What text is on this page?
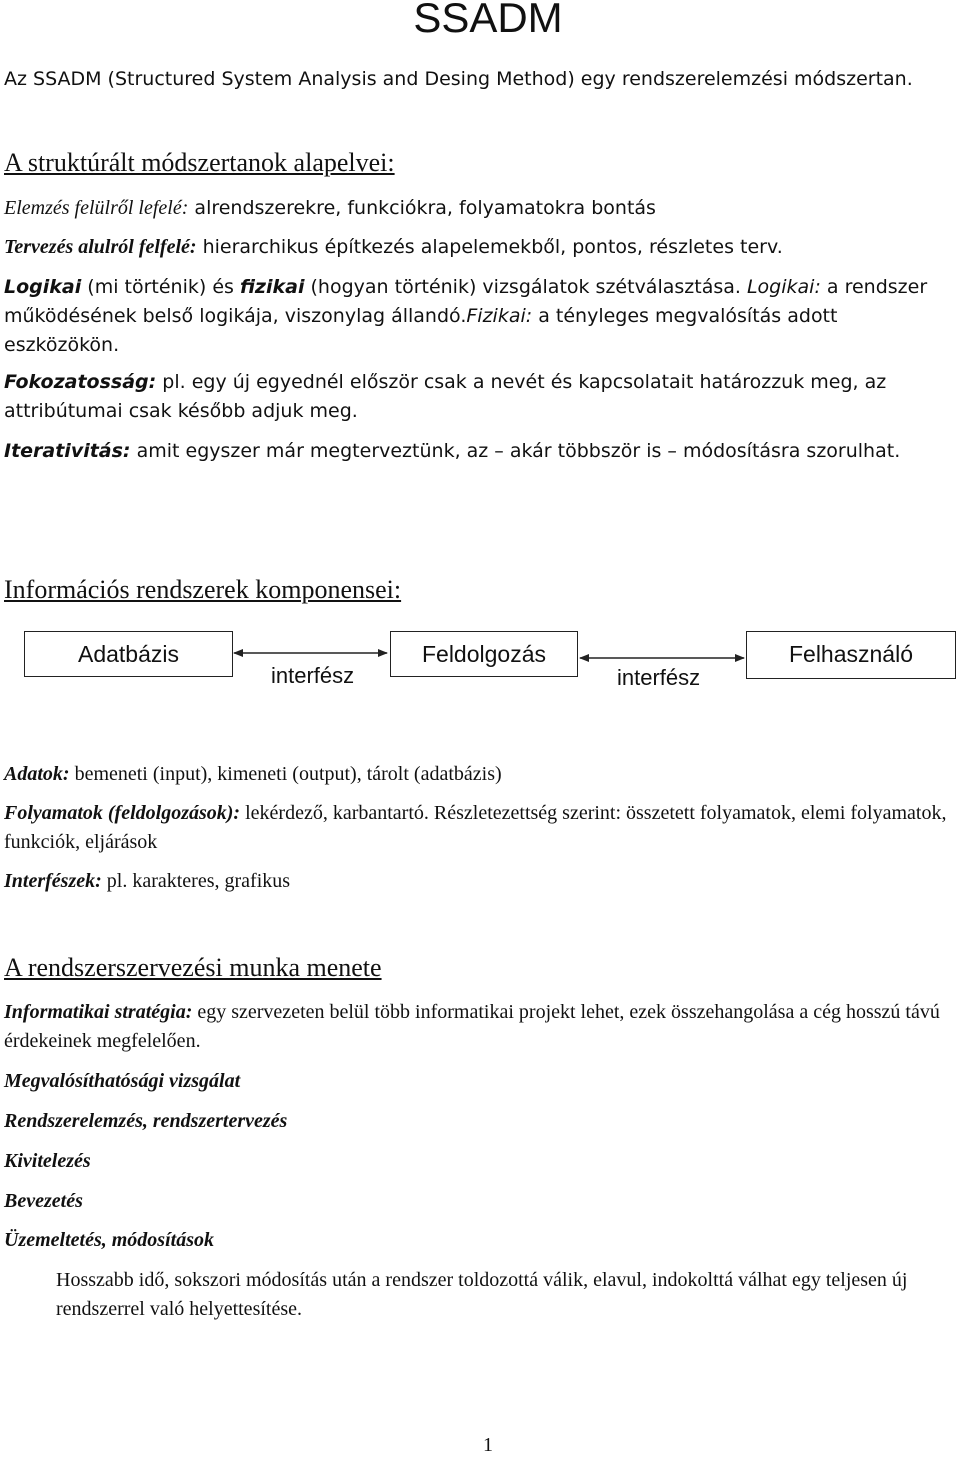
SSADM
Az SSADM (Structured System Analysis and Desing Method) egy rendszerelemzési módszertan.
A struktúrált módszertanok alapelvei:
Elemzés felülről lefelé: alrendszerekre, funkciókra, folyamatokra bontás
Tervezés alulról felfelé: hierarchikus építkezés alapelemekből, pontos, részletes terv.
Logikai (mi történik) és fizikai (hogyan történik) vizsgálatok szétválasztása. Logikai: a rendszer működésének belső logikája, viszonylag állandó.Fizikai: a tényleges megvalósítás adott eszközökön.
Fokozatosság: pl. egy új egyednél először csak a nevét és kapcsolatait határozzuk meg, az attribútumai csak később adjuk meg.
Iterativitás: amit egyszer már megterveztünk, az – akár többször is – módosításra szorulhat.
Információs rendszerek komponensei:
Adatbázis	Feldolgozás	Felhasználó
interfész	interfész
Adatok: bemeneti (input), kimeneti (output), tárolt (adatbázis)
Folyamatok (feldolgozások): lekérdező, karbantartó. Részletezettség szerint: összetett folyamatok, elemi folyamatok, funkciók, eljárások
Interfészek: pl. karakteres, grafikus
A rendszerszervezési munka menete
Informatikai stratégia: egy szervezeten belül több informatikai projekt lehet, ezek összehangolása a cég hosszú távú érdekeinek megfelelően.
Megvalósíthatósági vizsgálat
Rendszerelemzés, rendszertervezés
Kivitelezés
Bevezetés
Üzemeltetés, módosítások
Hosszabb idő, sokszori módosítás után a rendszer toldozottá válik, elavul, indokolttá válhat egy teljesen új rendszerrel való helyettesítése.
1
